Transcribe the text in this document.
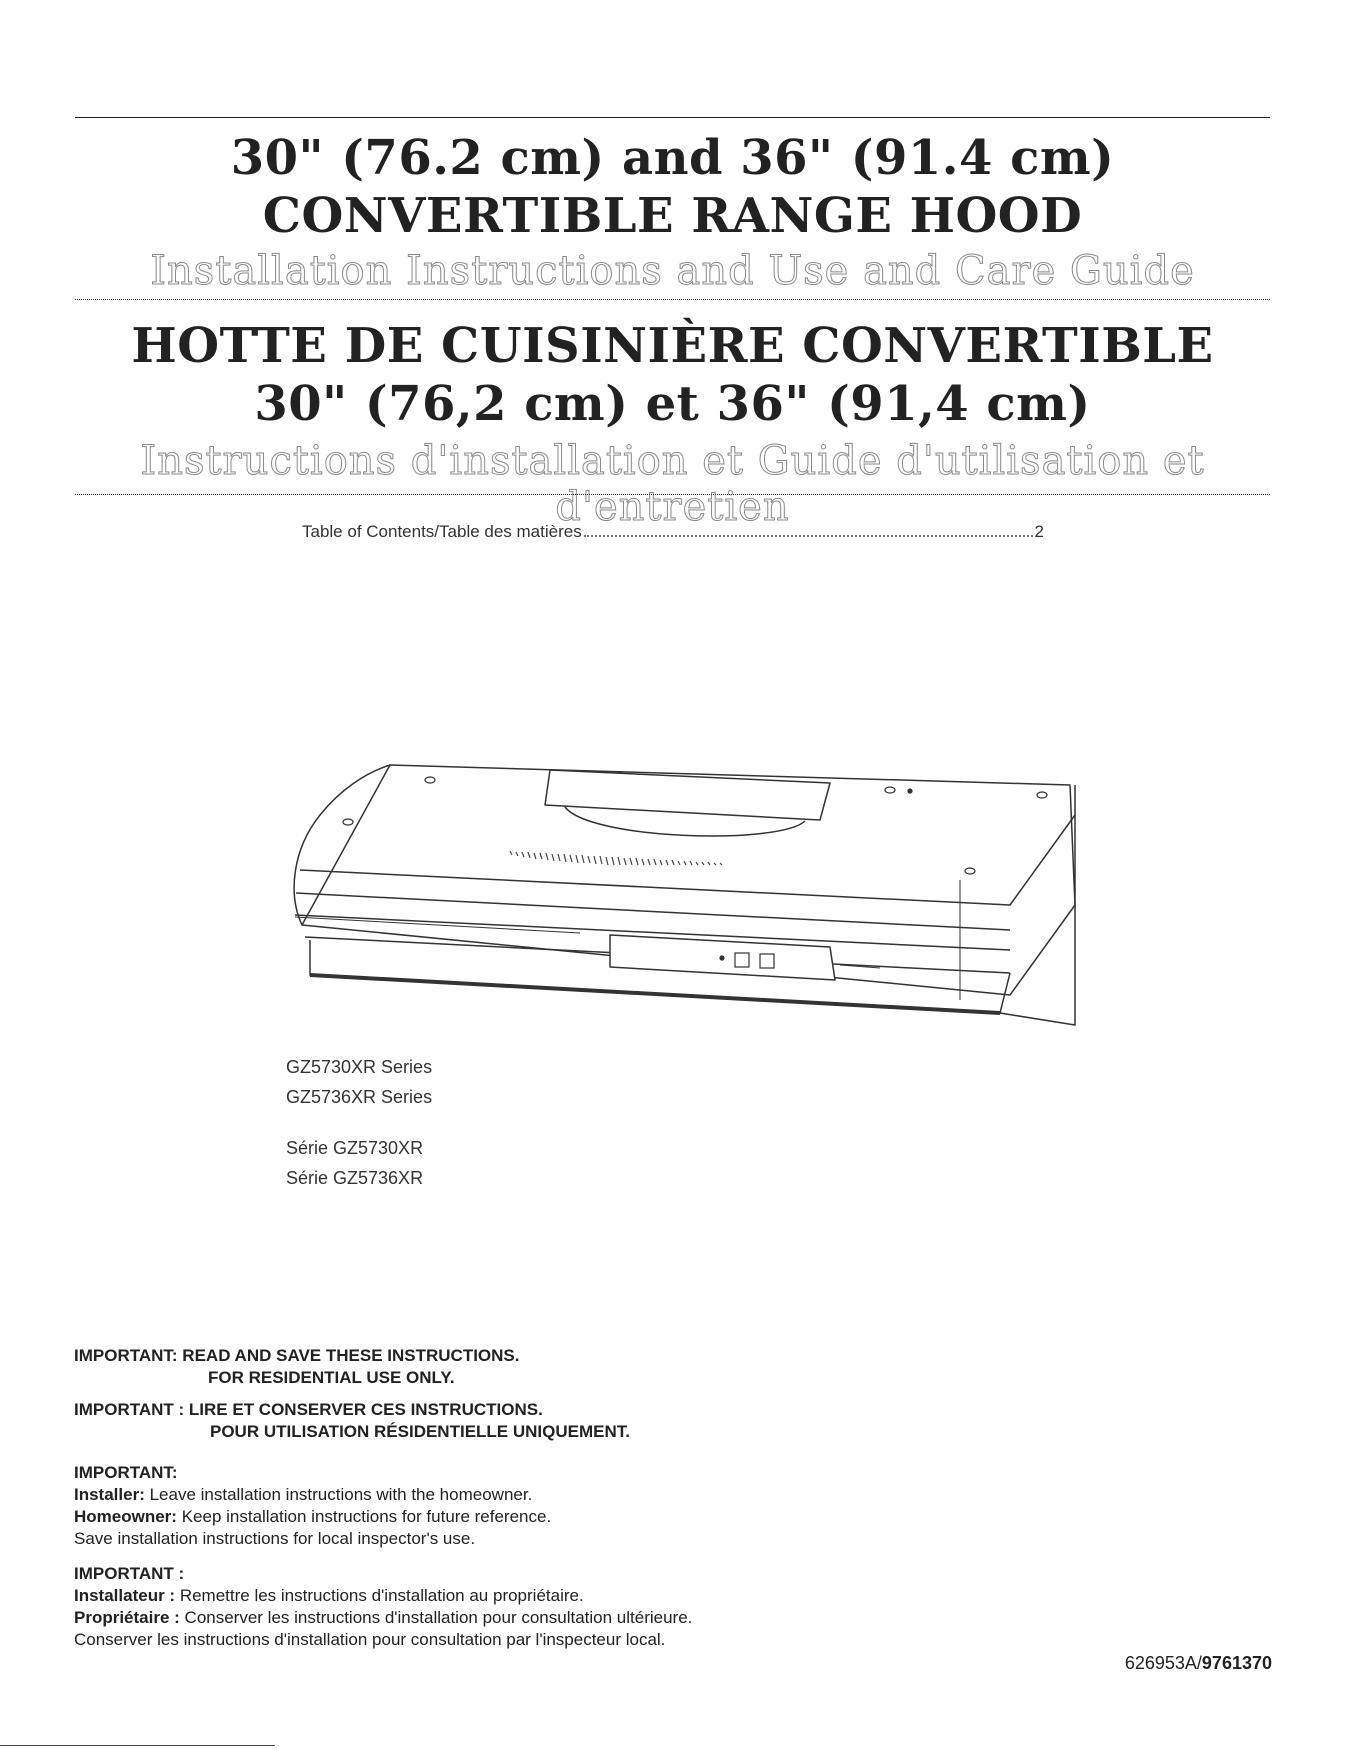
30" (76.2 cm) and 36" (91.4 cm)
CONVERTIBLE RANGE HOOD
Installation Instructions and Use and Care Guide
HOTTE DE CUISINIÈRE CONVERTIBLE
30" (76,2 cm) et 36" (91,4 cm)
Instructions d'installation et Guide d'utilisation et d'entretien
Table of Contents/Table des matières	2
GZ5730XR Series
GZ5736XR Series
Série GZ5730XR
Série GZ5736XR
IMPORTANT: READ AND SAVE THESE INSTRUCTIONS.
FOR RESIDENTIAL USE ONLY.
IMPORTANT : LIRE ET CONSERVER CES INSTRUCTIONS.
POUR UTILISATION RÉSIDENTIELLE UNIQUEMENT.
IMPORTANT:
Installer: Leave installation instructions with the homeowner.
Homeowner: Keep installation instructions for future reference.
Save installation instructions for local inspector's use.
IMPORTANT :
Installateur : Remettre les instructions d'installation au propriétaire.
Propriétaire : Conserver les instructions d'installation pour consultation ultérieure.
Conserver les instructions d'installation pour consultation par l'inspecteur local.
626953A/9761370
